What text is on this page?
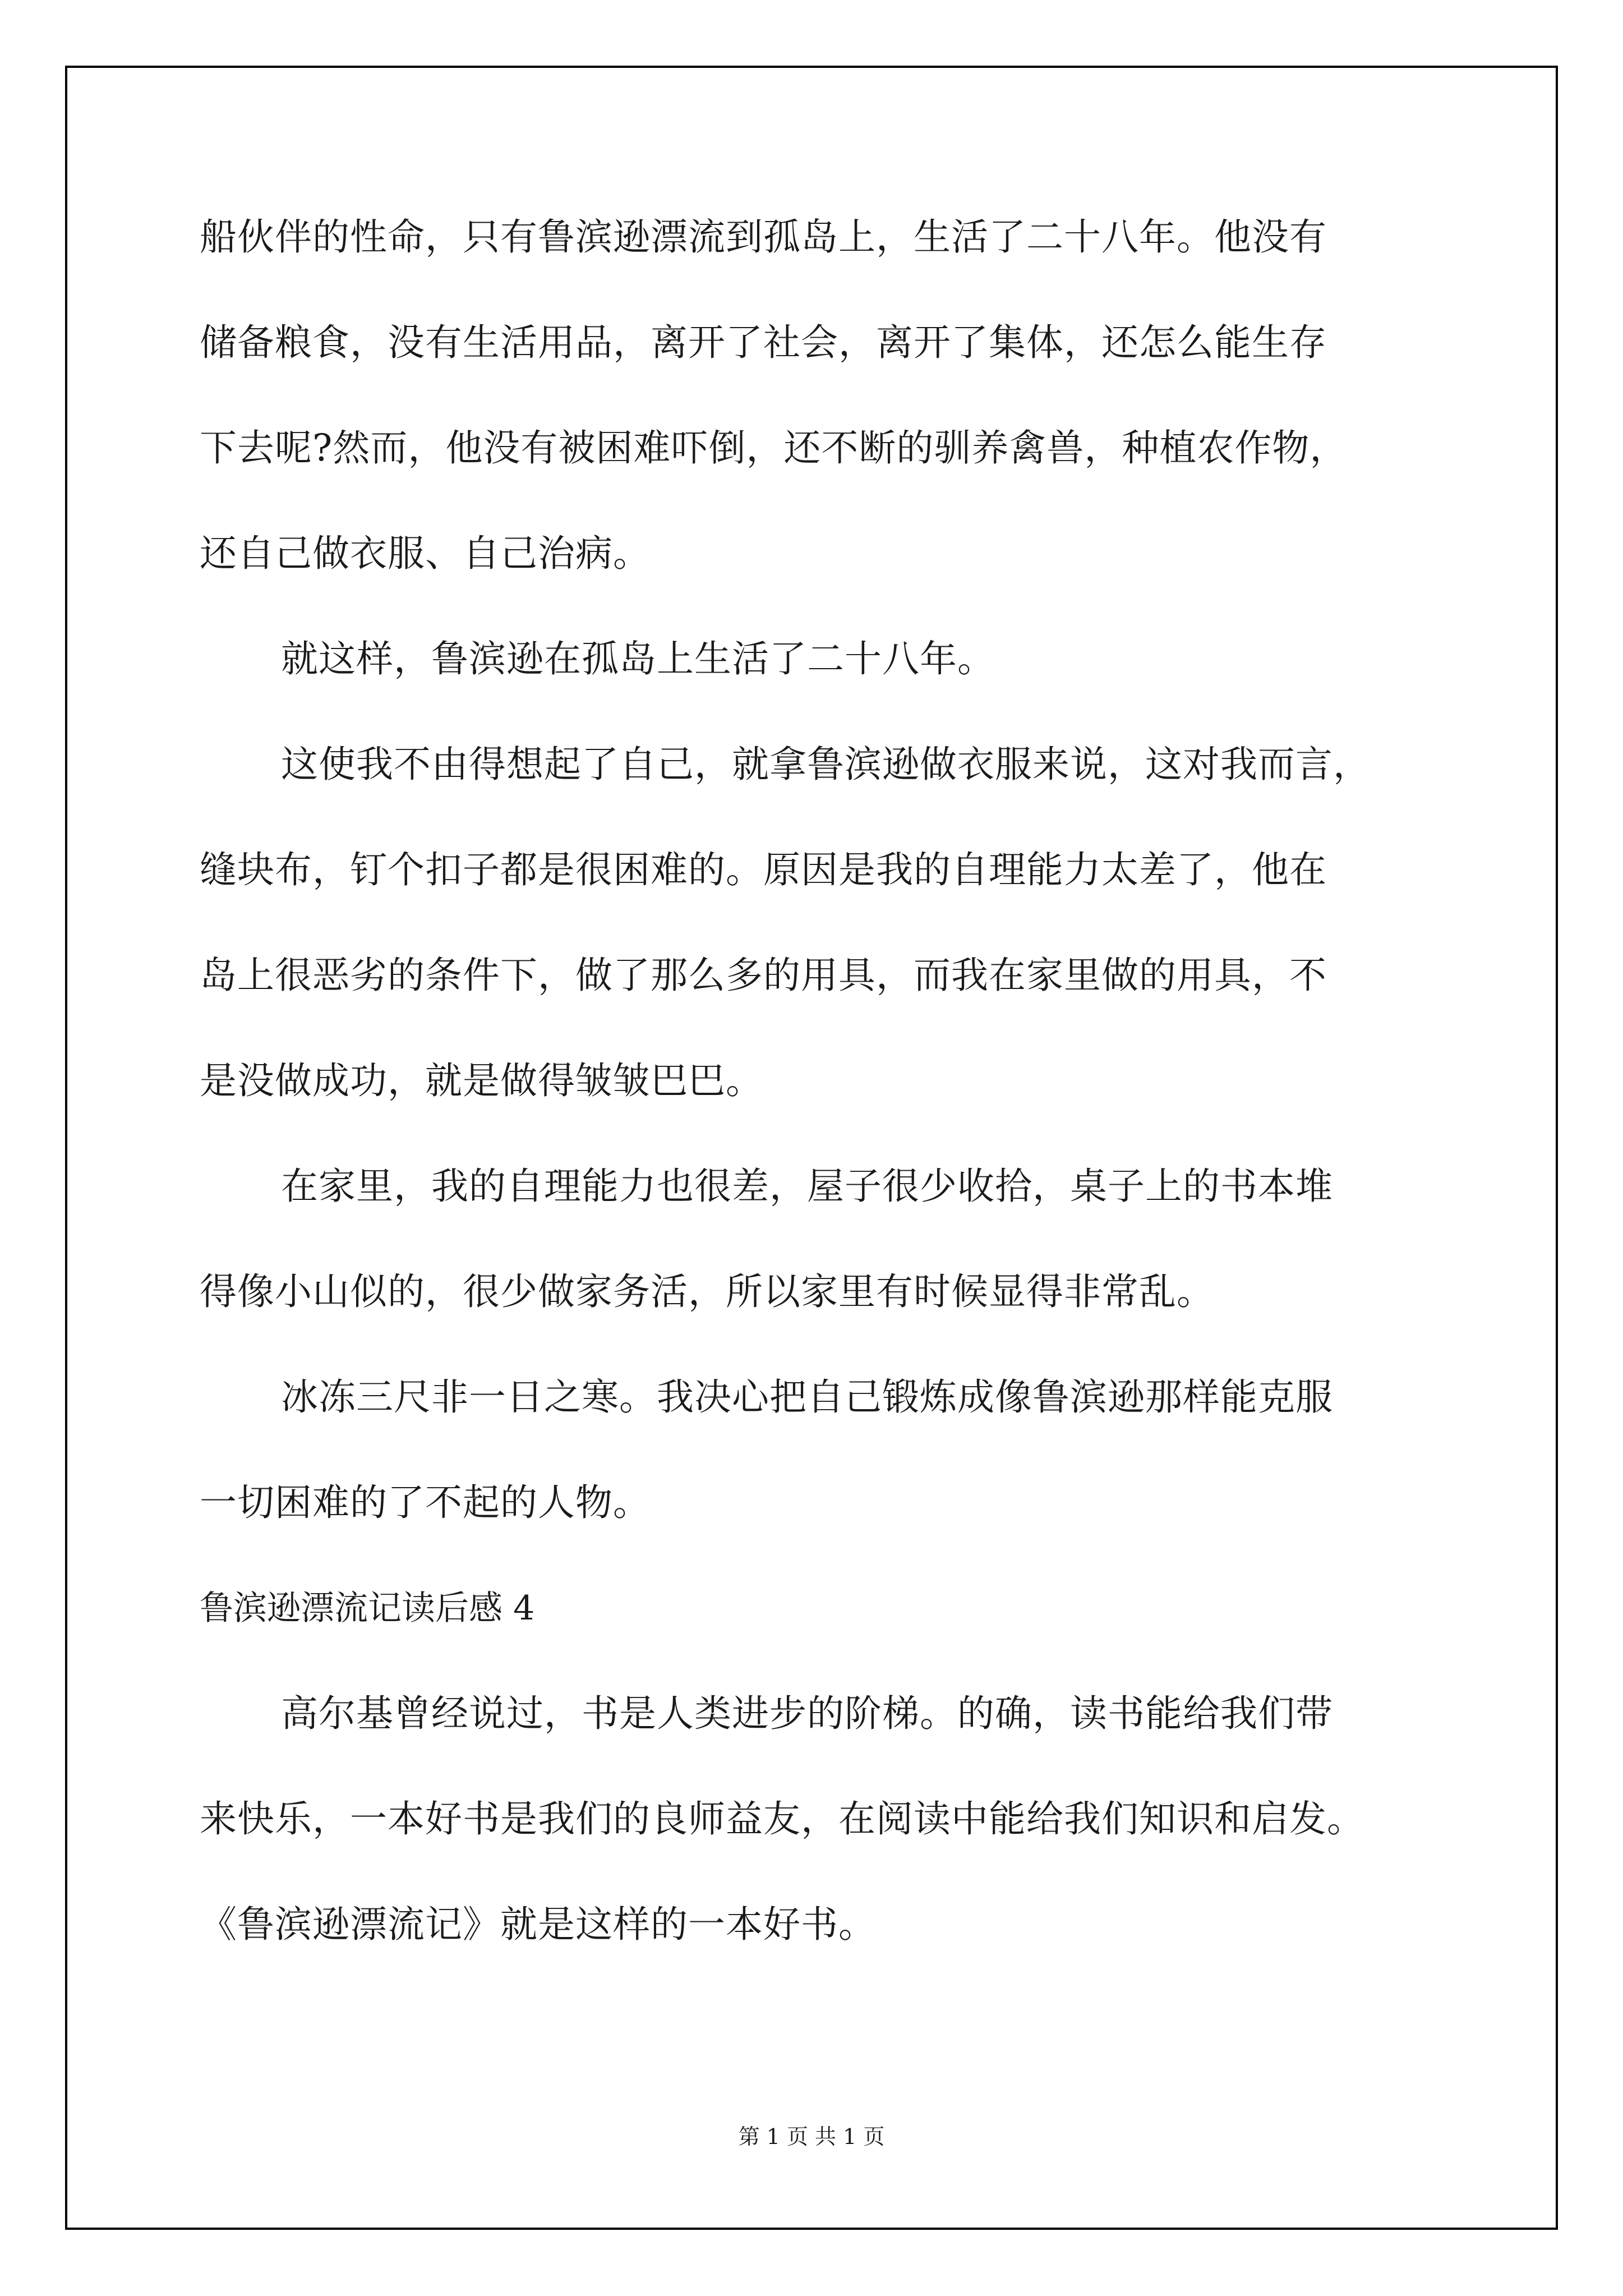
船伙伴的性命，只有鲁滨逊漂流到孤岛上，生活了二十八年。他没有
储备粮食，没有生活用品，离开了社会，离开了集体，还怎么能生存
下去呢?然而，他没有被困难吓倒，还不断的驯养禽兽，种植农作物，
还自己做衣服、自己治病。
就这样，鲁滨逊在孤岛上生活了二十八年。
这使我不由得想起了自己，就拿鲁滨逊做衣服来说，这对我而言，
缝块布，钉个扣子都是很困难的。原因是我的自理能力太差了，他在
岛上很恶劣的条件下，做了那么多的用具，而我在家里做的用具，不
是没做成功，就是做得皱皱巴巴。
在家里，我的自理能力也很差，屋子很少收拾，桌子上的书本堆
得像小山似的，很少做家务活，所以家里有时候显得非常乱。
冰冻三尺非一日之寒。我决心把自己锻炼成像鲁滨逊那样能克服
一切困难的了不起的人物。
鲁滨逊漂流记读后感 4
高尔基曾经说过，书是人类进步的阶梯。的确，读书能给我们带
来快乐，一本好书是我们的良师益友，在阅读中能给我们知识和启发。
《鲁滨逊漂流记》就是这样的一本好书。
第 1 页 共 1 页
